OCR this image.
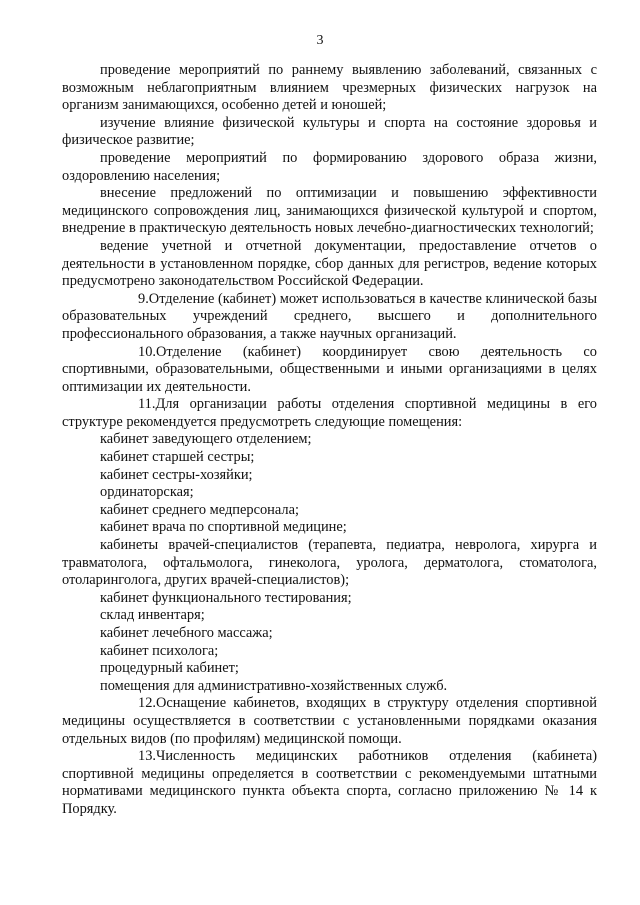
3

проведение мероприятий по раннему выявлению заболеваний, связанных с возможным неблагоприятным влиянием чрезмерных физических нагрузок на организм занимающихся, особенно детей и юношей;

изучение влияние физической культуры и спорта на состояние здоровья и физическое развитие;

проведение мероприятий по формированию здорового образа жизни, оздоровлению населения;

внесение предложений по оптимизации и повышению эффективности медицинского сопровождения лиц, занимающихся физической культурой и спортом, внедрение в практическую деятельность новых лечебно-диагностических технологий;

ведение учетной и отчетной документации, предоставление отчетов о деятельности в установленном порядке, сбор данных для регистров, ведение которых предусмотрено законодательством Российской Федерации.

9.Отделение (кабинет) может использоваться в качестве клинической базы образовательных учреждений среднего, высшего и дополнительного профессионального образования, а также научных организаций.

10.Отделение (кабинет) координирует свою деятельность со спортивными, образовательными, общественными и иными организациями в целях оптимизации их деятельности.

11.Для организации работы отделения спортивной медицины в его структуре рекомендуется предусмотреть следующие помещения:

кабинет заведующего отделением;

кабинет старшей сестры;

кабинет сестры-хозяйки;

ординаторская;

кабинет среднего медперсонала;

кабинет врача по спортивной медицине;

кабинеты врачей-специалистов (терапевта, педиатра, невролога, хирурга и травматолога, офтальмолога, гинеколога, уролога, дерматолога, стоматолога, отоларинголога, других врачей-специалистов);

кабинет функционального тестирования;

склад инвентаря;

кабинет лечебного массажа;

кабинет психолога;

процедурный кабинет;

помещения для административно-хозяйственных служб.

12.Оснащение кабинетов, входящих в структуру отделения спортивной медицины осуществляется в соответствии с установленными порядками оказания отдельных видов (по профилям) медицинской помощи.

13.Численность медицинских работников отделения (кабинета) спортивной медицины определяется в соответствии с рекомендуемыми штатными нормативами медицинского пункта объекта спорта, согласно приложению № 14 к Порядку.
